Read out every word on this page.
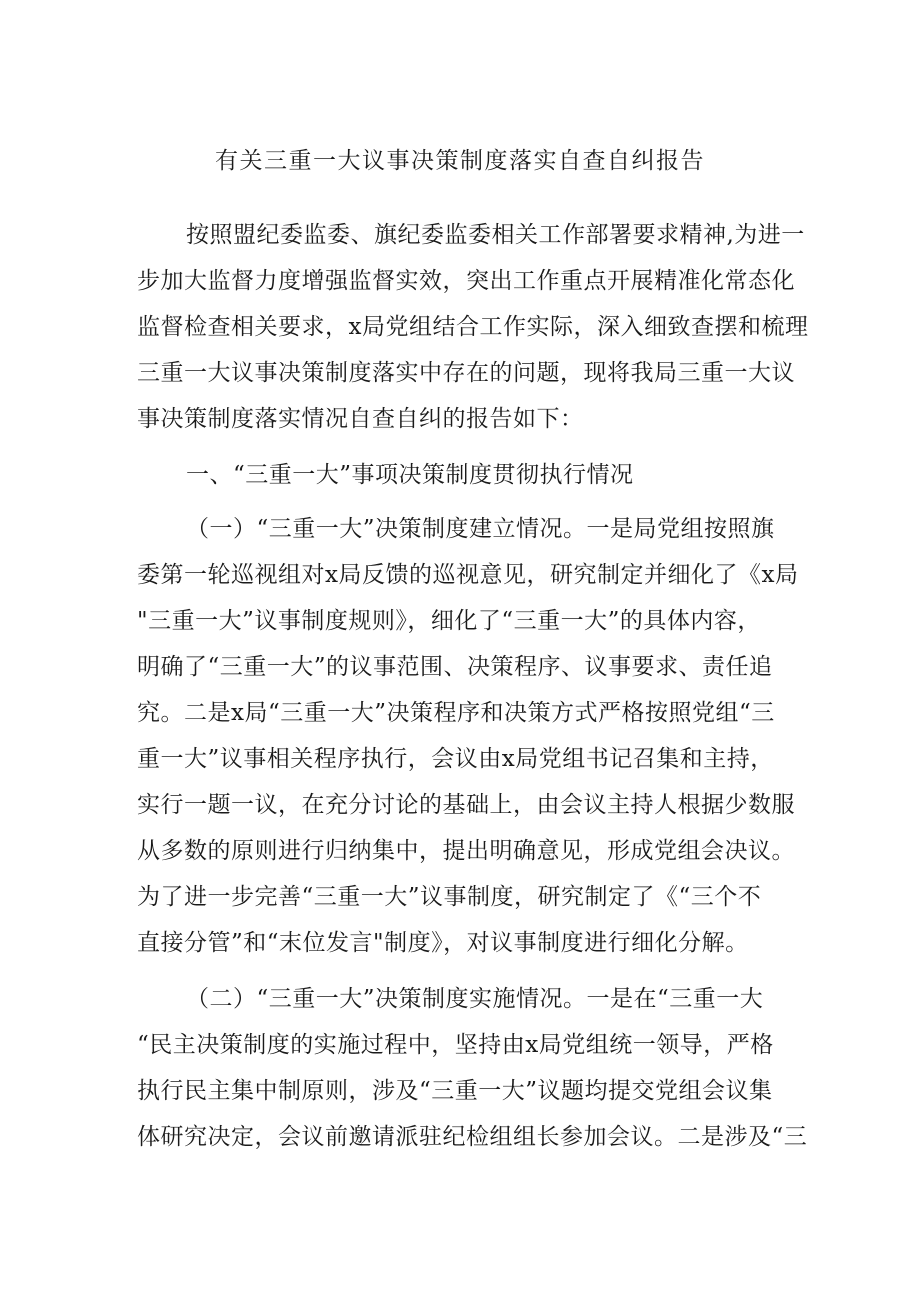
有关三重一大议事决策制度落实自查自纠报告
按照盟纪委监委、旗纪委监委相关工作部署要求精神,为进一
步加大监督力度增强监督实效，突出工作重点开展精准化常态化
监督检查相关要求，x局党组结合工作实际，深入细致查摆和梳理
三重一大议事决策制度落实中存在的问题，现将我局三重一大议
事决策制度落实情况自查自纠的报告如下：
一、“三重一大”事项决策制度贯彻执行情况
（一）“三重一大”决策制度建立情况。一是局党组按照旗
委第一轮巡视组对x局反馈的巡视意见，研究制定并细化了《x局
"三重一大”议事制度规则》，细化了“三重一大”的具体内容，
明确了“三重一大”的议事范围、决策程序、议事要求、责任追
究。二是x局“三重一大”决策程序和决策方式严格按照党组“三
重一大”议事相关程序执行，会议由x局党组书记召集和主持，
实行一题一议，在充分讨论的基础上，由会议主持人根据少数服
从多数的原则进行归纳集中，提出明确意见，形成党组会决议。
为了进一步完善“三重一大”议事制度，研究制定了《“三个不
直接分管”和“末位发言"制度》，对议事制度进行细化分解。
（二）“三重一大”决策制度实施情况。一是在“三重一大
“民主决策制度的实施过程中，坚持由x局党组统一领导，严格
执行民主集中制原则，涉及“三重一大”议题均提交党组会议集
体研究决定，会议前邀请派驻纪检组组长参加会议。二是涉及“三
